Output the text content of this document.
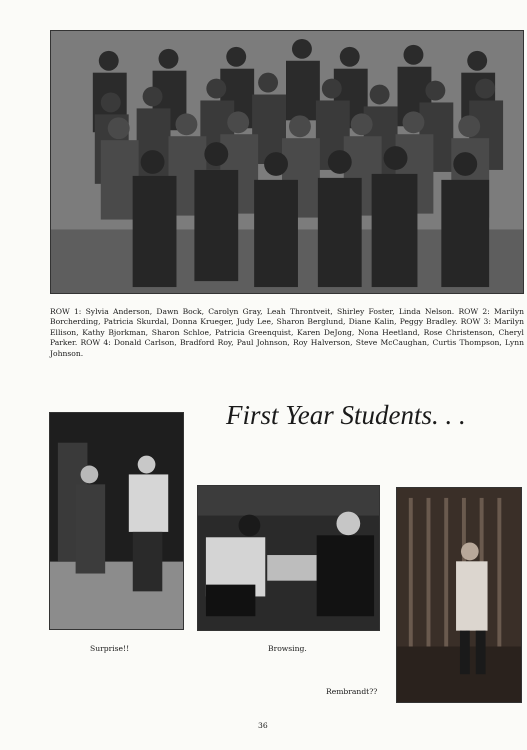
ROW 1: Sylvia Anderson, Dawn Bock, Carolyn Gray, Leah Throntveit, Shirley Foster, Linda Nelson. ROW 2: Marilyn Borcherding, Patricia Skurdal, Donna Krueger, Judy Lee, Sharon Berglund, Diane Kalin, Peggy Bradley. ROW 3: Marilyn Ellison, Kathy Bjorkman, Sharon Schloe, Patricia Greenquist, Karen DeJong, Nona Heetland, Rose Christenson, Cheryl Parker. ROW 4: Donald Carlson, Bradford Roy, Paul Johnson, Roy Halverson, Steve McCaughan, Curtis Thompson, Lynn Johnson.
First Year Students. . .
Surprise!!	Browsing.
Rembrandt??
36
